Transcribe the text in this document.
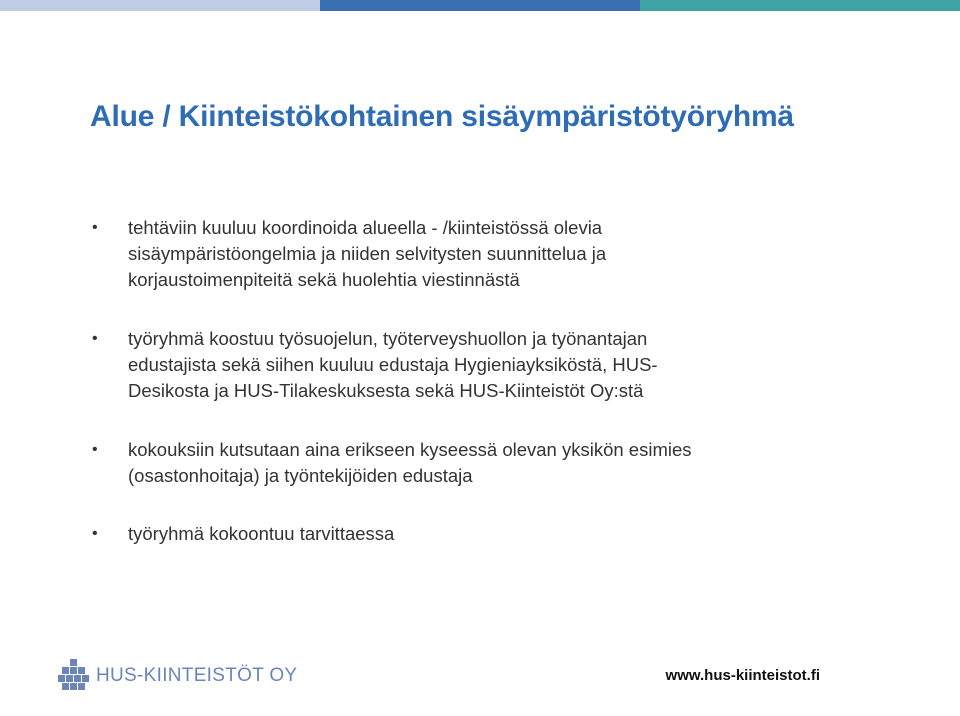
Alue / Kiinteistökohtainen sisäympäristötyöryhmä
• tehtäviin kuuluu koordinoida alueella - /kiinteistössä olevia sisäympäristöongelmia ja niiden selvitysten suunnittelua ja korjaustoimenpiteitä sekä huolehtia viestinnästä
• työryhmä koostuu työsuojelun, työterveyshuollon ja työnantajan edustajista sekä siihen kuuluu edustaja Hygieniayksiköstä, HUS-Desikosta ja HUS-Tilakeskuksesta sekä HUS-Kiinteistöt Oy:stä
• kokouksiin kutsutaan aina erikseen kyseessä olevan yksikön esimies (osastonhoitaja) ja työntekijöiden edustaja
• työryhmä kokoontuu tarvittaessa
HUS-KIINTEISTÖT OY	www.hus-kiinteistot.fi
